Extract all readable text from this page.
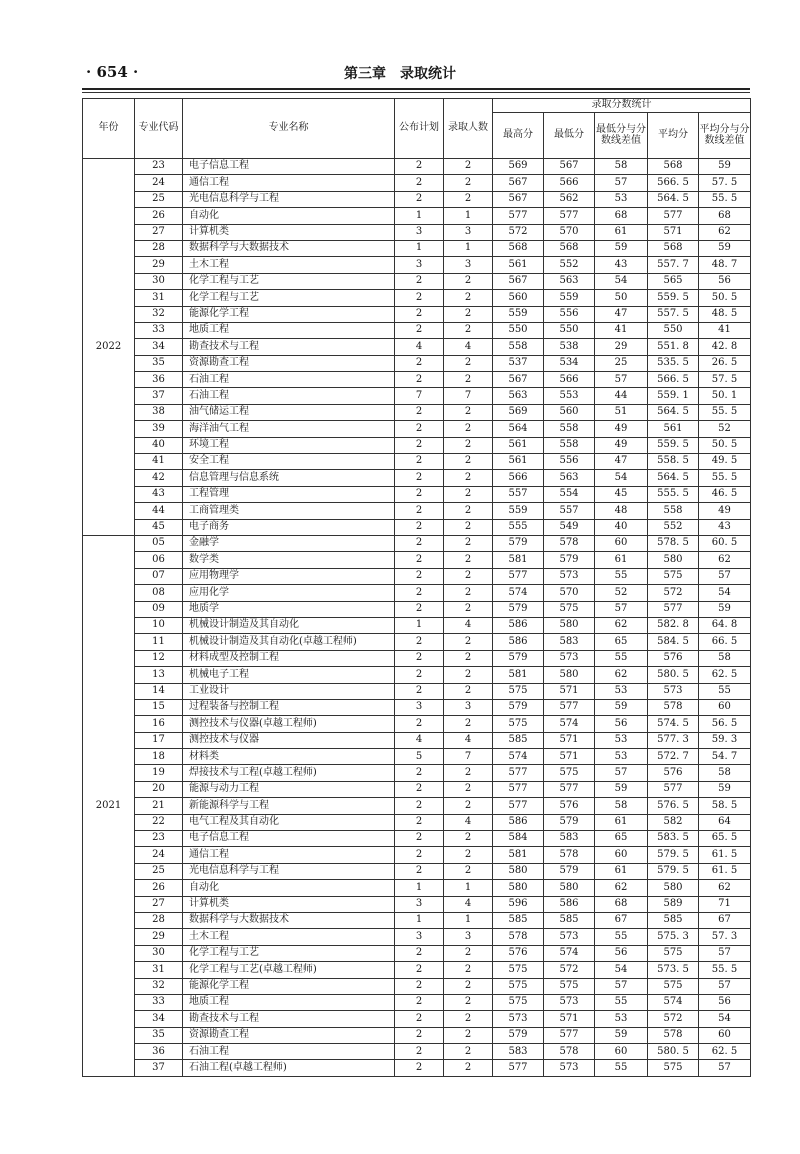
· 654 ·	第三章　录取统计
年份	专业代码	专业名称	公布计划	录取人数	录取分数统计				
					最高分	最低分	最低分与分数线差值	平均分	平均分与分数线差值
2022	23	电子信息工程	2	2	569	567	58	568	59
	24	通信工程	2	2	567	566	57	566. 5	57. 5
	25	光电信息科学与工程	2	2	567	562	53	564. 5	55. 5
	26	自动化	1	1	577	577	68	577	68
	27	计算机类	3	3	572	570	61	571	62
	28	数据科学与大数据技术	1	1	568	568	59	568	59
	29	土木工程	3	3	561	552	43	557. 7	48. 7
	30	化学工程与工艺	2	2	567	563	54	565	56
	31	化学工程与工艺	2	2	560	559	50	559. 5	50. 5
	32	能源化学工程	2	2	559	556	47	557. 5	48. 5
	33	地质工程	2	2	550	550	41	550	41
	34	勘查技术与工程	4	4	558	538	29	551. 8	42. 8
	35	资源勘查工程	2	2	537	534	25	535. 5	26. 5
	36	石油工程	2	2	567	566	57	566. 5	57. 5
	37	石油工程	7	7	563	553	44	559. 1	50. 1
	38	油气储运工程	2	2	569	560	51	564. 5	55. 5
	39	海洋油气工程	2	2	564	558	49	561	52
	40	环境工程	2	2	561	558	49	559. 5	50. 5
	41	安全工程	2	2	561	556	47	558. 5	49. 5
	42	信息管理与信息系统	2	2	566	563	54	564. 5	55. 5
	43	工程管理	2	2	557	554	45	555. 5	46. 5
	44	工商管理类	2	2	559	557	48	558	49
	45	电子商务	2	2	555	549	40	552	43
2021	05	金融学	2	2	579	578	60	578. 5	60. 5
	06	数学类	2	2	581	579	61	580	62
	07	应用物理学	2	2	577	573	55	575	57
	08	应用化学	2	2	574	570	52	572	54
	09	地质学	2	2	579	575	57	577	59
	10	机械设计制造及其自动化	1	4	586	580	62	582. 8	64. 8
	11	机械设计制造及其自动化(卓越工程师)	2	2	586	583	65	584. 5	66. 5
	12	材料成型及控制工程	2	2	579	573	55	576	58
	13	机械电子工程	2	2	581	580	62	580. 5	62. 5
	14	工业设计	2	2	575	571	53	573	55
	15	过程装备与控制工程	3	3	579	577	59	578	60
	16	测控技术与仪器(卓越工程师)	2	2	575	574	56	574. 5	56. 5
	17	测控技术与仪器	4	4	585	571	53	577. 3	59. 3
	18	材料类	5	7	574	571	53	572. 7	54. 7
	19	焊接技术与工程(卓越工程师)	2	2	577	575	57	576	58
	20	能源与动力工程	2	2	577	577	59	577	59
	21	新能源科学与工程	2	2	577	576	58	576. 5	58. 5
	22	电气工程及其自动化	2	4	586	579	61	582	64
	23	电子信息工程	2	2	584	583	65	583. 5	65. 5
	24	通信工程	2	2	581	578	60	579. 5	61. 5
	25	光电信息科学与工程	2	2	580	579	61	579. 5	61. 5
	26	自动化	1	1	580	580	62	580	62
	27	计算机类	3	4	596	586	68	589	71
	28	数据科学与大数据技术	1	1	585	585	67	585	67
	29	土木工程	3	3	578	573	55	575. 3	57. 3
	30	化学工程与工艺	2	2	576	574	56	575	57
	31	化学工程与工艺(卓越工程师)	2	2	575	572	54	573. 5	55. 5
	32	能源化学工程	2	2	575	575	57	575	57
	33	地质工程	2	2	575	573	55	574	56
	34	勘查技术与工程	2	2	573	571	53	572	54
	35	资源勘查工程	2	2	579	577	59	578	60
	36	石油工程	2	2	583	578	60	580. 5	62. 5
	37	石油工程(卓越工程师)	2	2	577	573	55	575	57
